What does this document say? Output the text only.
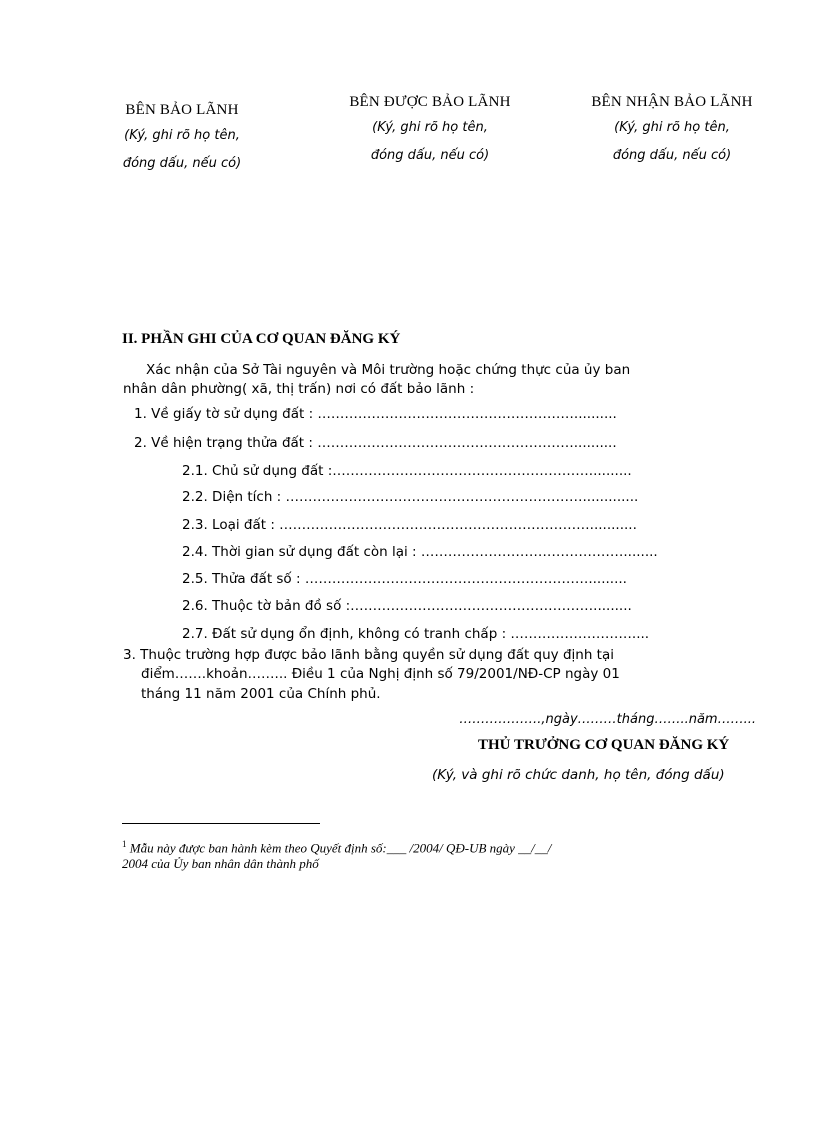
BÊN BẢO LÃNH
(Ký, ghi rõ họ tên,
đóng dấu, nếu có)
BÊN ĐƯỢC BẢO LÃNH
(Ký, ghi rõ họ tên,
đóng dấu, nếu có)
BÊN NHẬN BẢO LÃNH
(Ký, ghi rõ họ tên,
đóng dấu, nếu có)
II. PHẦN GHI CỦA CƠ QUAN ĐĂNG KÝ
Xác nhận của Sở Tài nguyên và Môi trường hoặc chứng thực của ủy ban
nhân dân phường( xã, thị trấn) nơi có đất bảo lãnh :
1. Về giấy tờ sử dụng đất : …………………………………………………..........
2. Về hiện trạng thửa đất : …………………………………………………..........
2.1. Chủ sử dụng đất :…………………………………………………..........
2.2. Diện tích : ………………………………………………………….............
2.3. Loại đất : ……………………………………………………………...........
2.4. Thời gian sử dụng đất còn lại : ………………………………………........
2.5. Thửa đất số : ……………………………………………………….........
2.6. Thuộc tờ bản đồ số :……………………………………………….........
2.7. Đất sử dụng ổn định, không có tranh chấp : ………………………....
3. Thuộc trường hợp được bảo lãnh bằng quyền sử dụng đất quy định tại
điểm…….khoản……... Điều 1 của Nghị định số 79/2001/NĐ-CP ngày 01
tháng 11 năm 2001 của Chính phủ.
……………….,ngày………tháng……..năm……...
THỦ TRƯỞNG CƠ QUAN ĐĂNG KÝ
(Ký, và ghi rõ chức danh, họ tên, đóng dấu)
$^1$ Mẫu này được ban hành kèm theo Quyết định số:___ /2004/ QĐ-UB ngày __/__/
2004 của Ủy ban nhân dân thành phố
